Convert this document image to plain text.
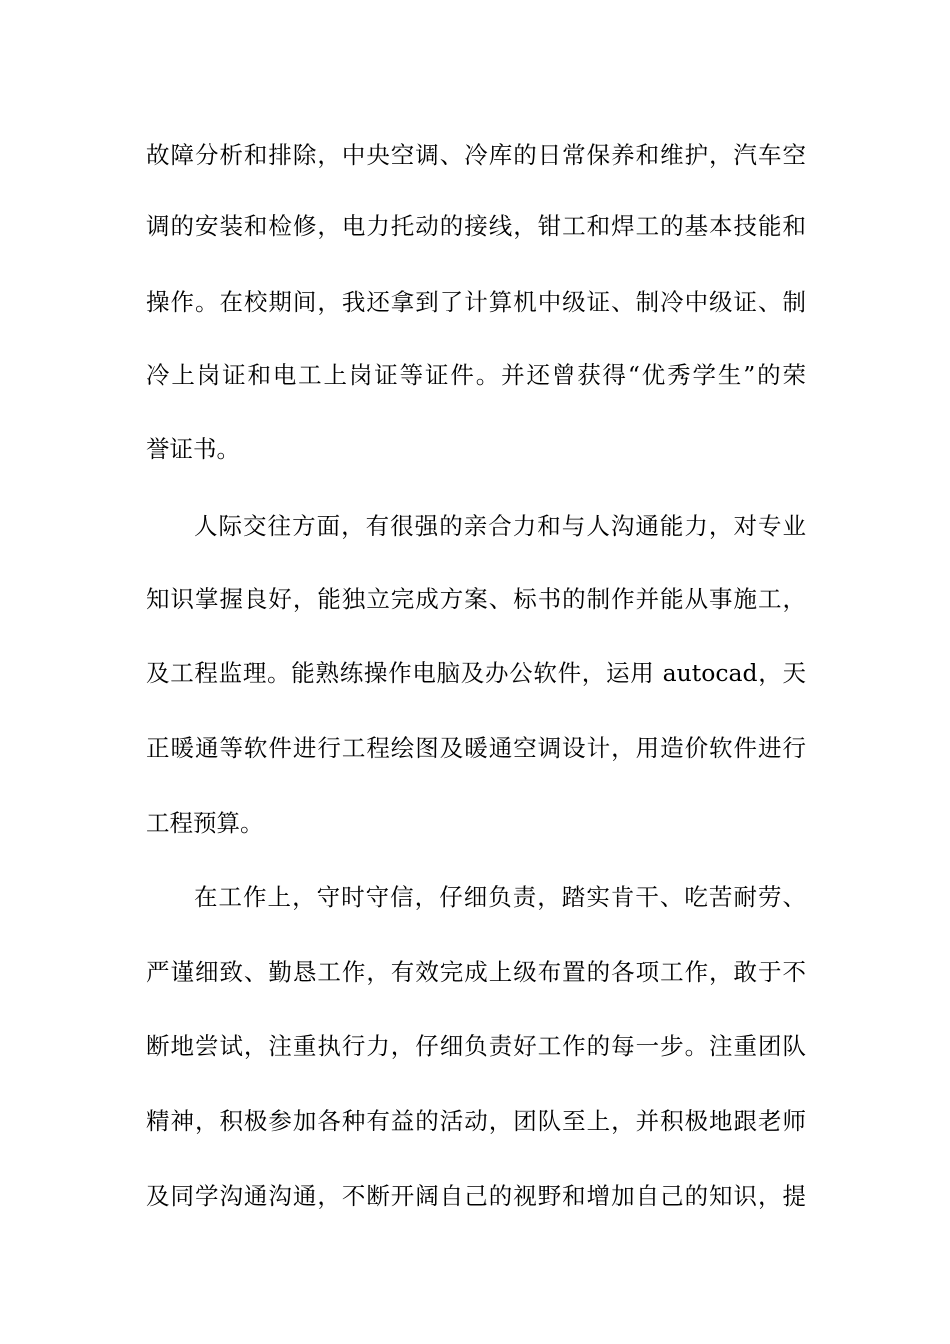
故障分析和排除，中央空调、冷库的日常保养和维护，汽车空
调的安装和检修，电力托动的接线，钳工和焊工的基本技能和
操作。在校期间，我还拿到了计算机中级证、制冷中级证、制
冷上岗证和电工上岗证等证件。并还曾获得“优秀学生”的荣
誉证书。
人际交往方面，有很强的亲合力和与人沟通能力，对专业
知识掌握良好，能独立完成方案、标书的制作并能从事施工，
及工程监理。能熟练操作电脑及办公软件，运用 autocad，天
正暖通等软件进行工程绘图及暖通空调设计，用造价软件进行
工程预算。
在工作上，守时守信，仔细负责，踏实肯干、吃苦耐劳、
严谨细致、勤恳工作，有效完成上级布置的各项工作，敢于不
断地尝试，注重执行力，仔细负责好工作的每一步。注重团队
精神，积极参加各种有益的活动，团队至上，并积极地跟老师
及同学沟通沟通，不断开阔自己的视野和增加自己的知识，提
